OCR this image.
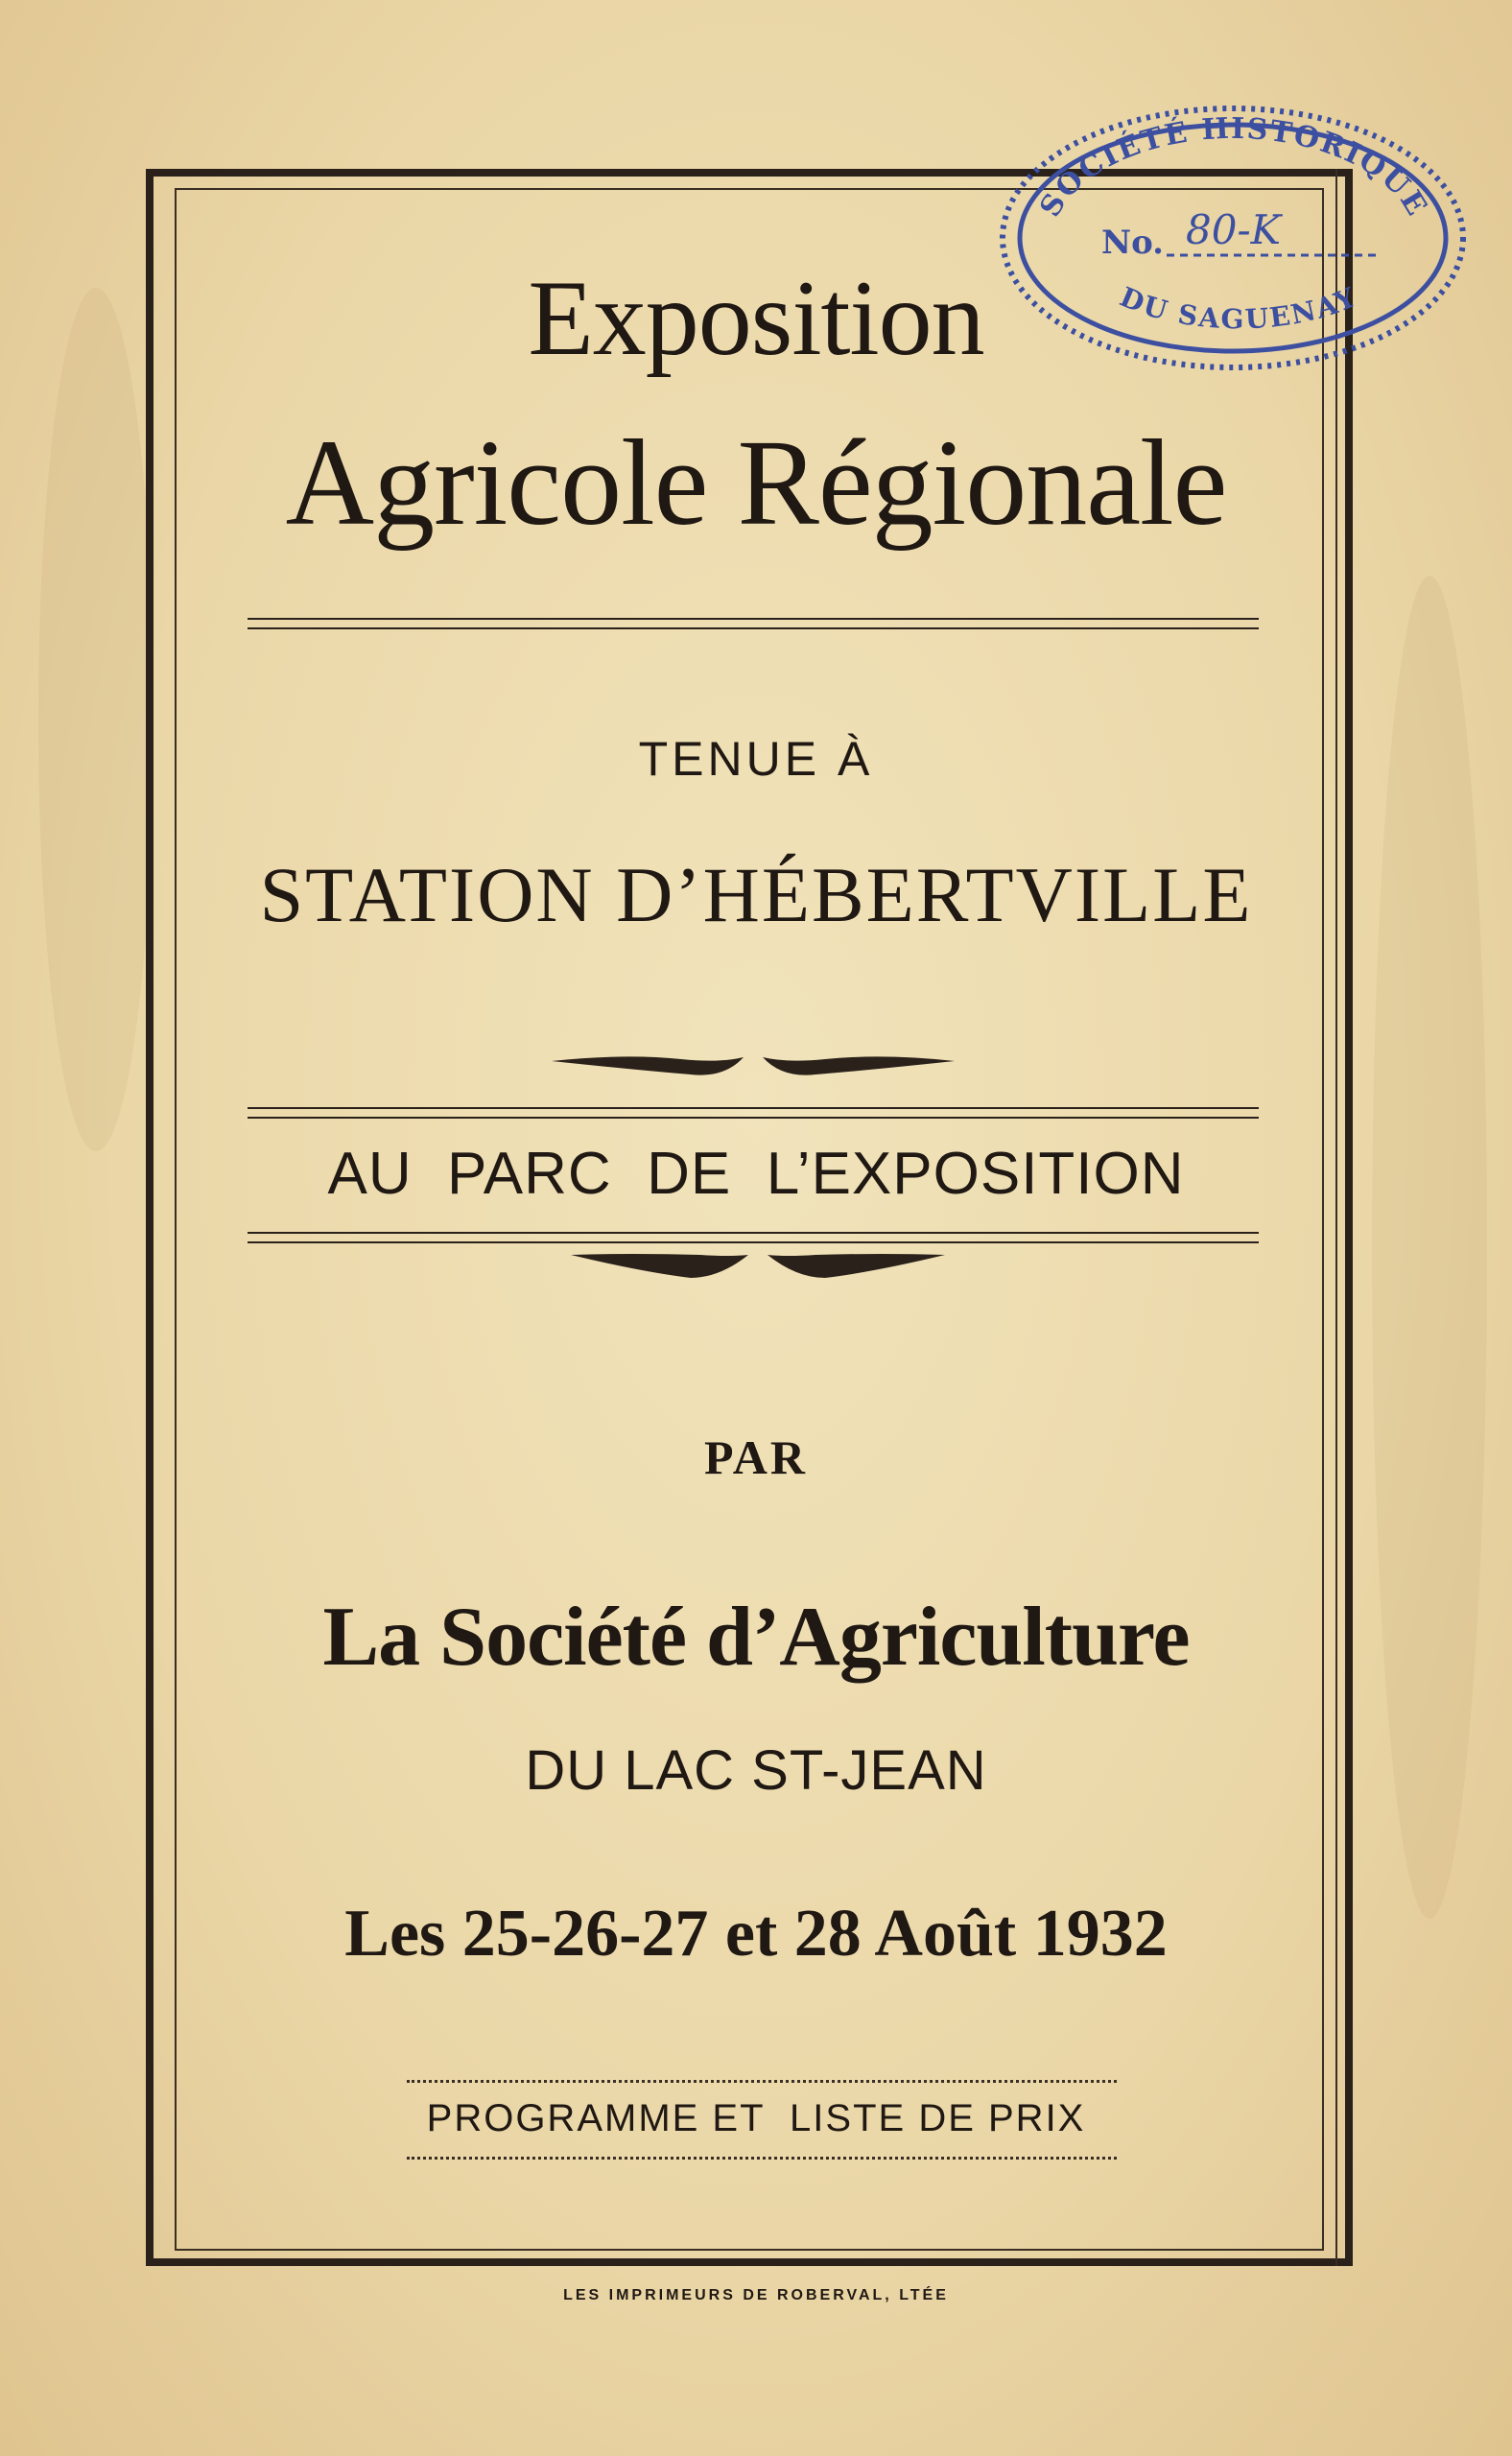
Exposition
Agricole Régionale
TENUE À
STATION D’HÉBERTVILLE
AU  PARC  DE  L’EXPOSITION
PAR
La Société d’Agriculture
DU LAC ST-JEAN
Les 25-26-27 et 28 Août 1932
PROGRAMME ET  LISTE DE PRIX
LES IMPRIMEURS DE ROBERVAL, LTÉE
SOCIÉTÉ HISTORIQUE
No. 80-K
DU SAGUENAY
